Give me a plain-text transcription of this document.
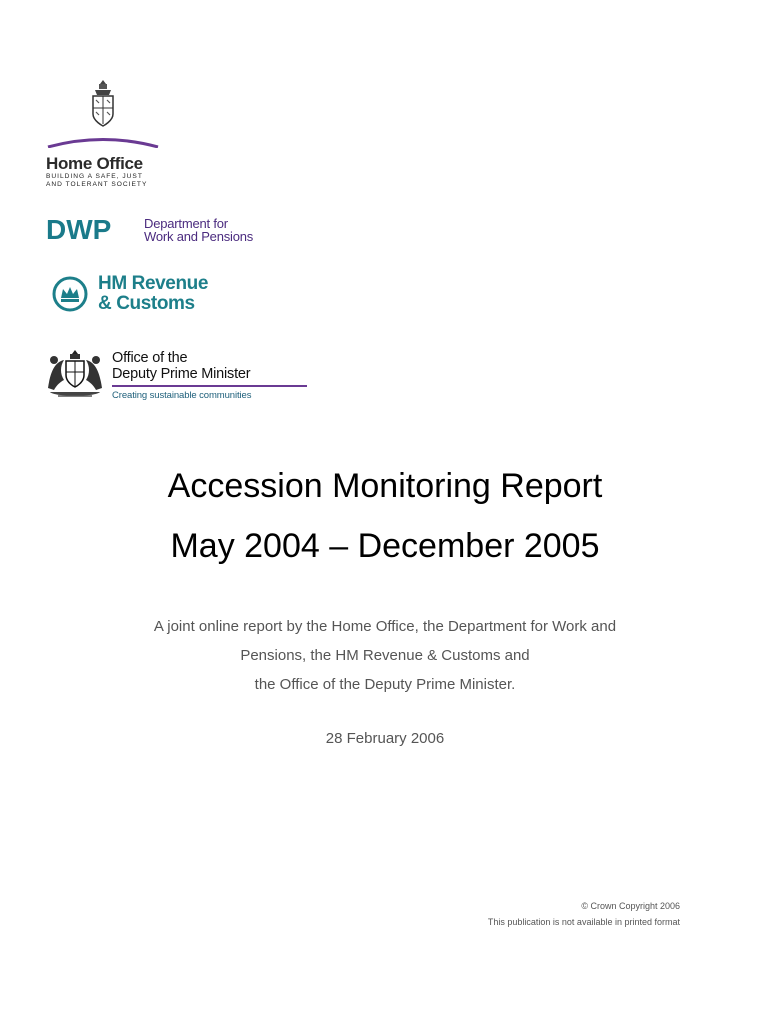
Home Office
BUILDING A SAFE, JUST
AND TOLERANT SOCIETY
DWP	Department for
Work and Pensions
HM Revenue
& Customs
Office of the
Deputy Prime Minister
Creating sustainable communities
Accession Monitoring Report
May 2004 – December 2005
A joint online report by the Home Office, the Department for Work and
Pensions, the HM Revenue & Customs and
the Office of the Deputy Prime Minister.
28 February 2006
© Crown Copyright 2006
This publication is not available in printed format
